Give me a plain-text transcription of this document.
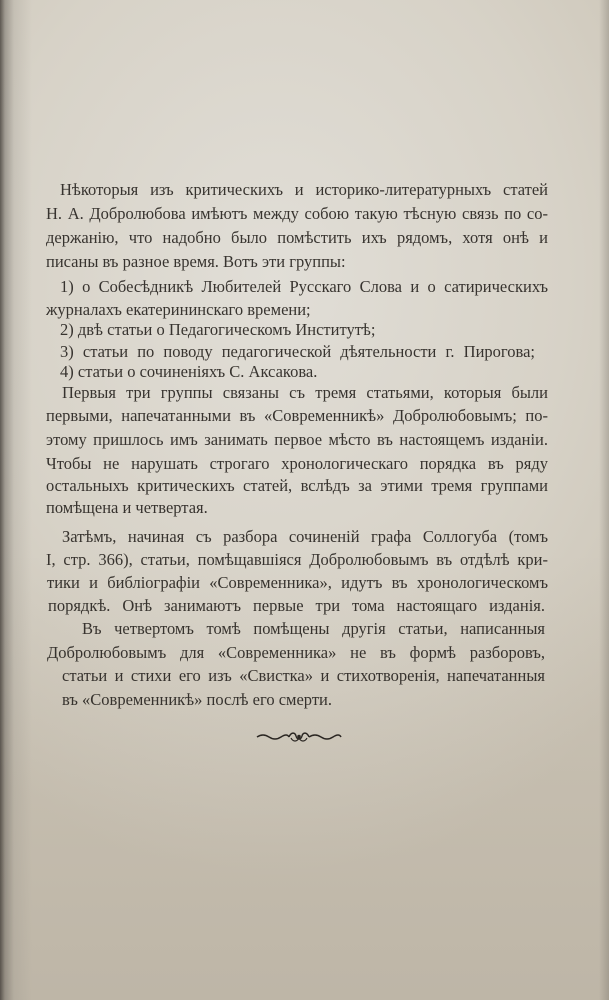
Нѣкоторыя изъ критическихъ и историко-литературныхъ статей
Н. А. Добролюбова имѣютъ между собою такую тѣсную связь по со-
держанію, что надобно было помѣстить ихъ рядомъ, хотя онѣ и
писаны въ разное время. Вотъ эти группы:
1) о Собесѣдникѣ Любителей Русскаго Слова и о сатирическихъ
журналахъ екатерининскаго времени;
2) двѣ статьи о Педагогическомъ Институтѣ;
3) статьи по поводу педагогической дѣятельности г. Пирогова;
4) статьи о сочиненіяхъ С. Аксакова.
Первыя три группы связаны съ тремя статьями, которыя были
первыми, напечатанными въ «Современникѣ» Добролюбовымъ; по-
этому пришлось имъ занимать первое мѣсто въ настоящемъ изданіи.
Чтобы не нарушать строгаго хронологическаго порядка въ ряду
остальныхъ критическихъ статей, вслѣдъ за этими тремя группами
помѣщена и четвертая.
Затѣмъ, начиная съ разбора сочиненій графа Соллогуба (томъ
I, стр. 366), статьи, помѣщавшіяся Добролюбовымъ въ отдѣлѣ кри-
тики и библіографіи «Современника», идутъ въ хронологическомъ
порядкѣ. Онѣ занимаютъ первые три тома настоящаго изданія.
Въ четвертомъ томѣ помѣщены другія статьи, написанныя
Добролюбовымъ для «Современника» не въ формѣ разборовъ,
статьи и стихи его изъ «Свистка» и стихотворенія, напечатанныя
въ «Современникѣ» послѣ его смерти.
